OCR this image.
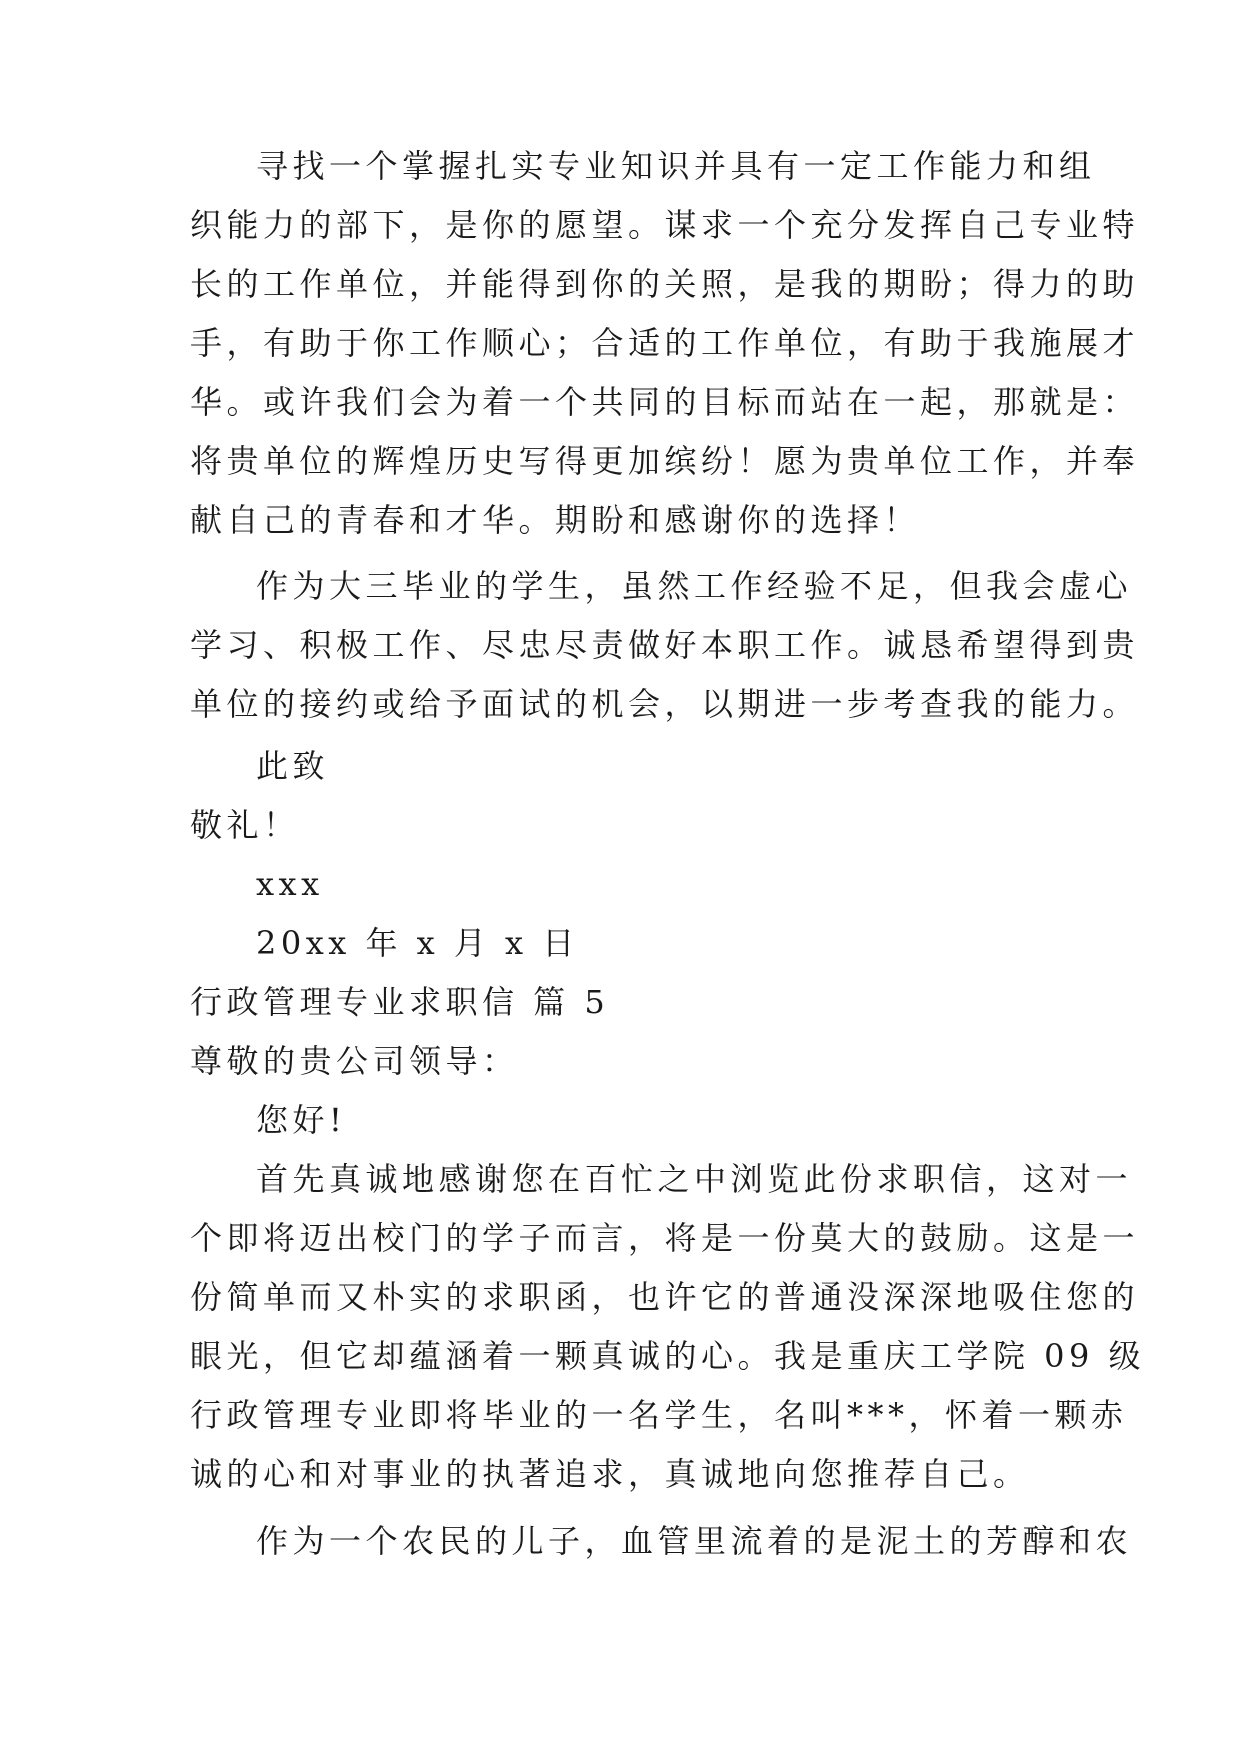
寻找一个掌握扎实专业知识并具有一定工作能力和组
织能力的部下，是你的愿望。谋求一个充分发挥自己专业特
长的工作单位，并能得到你的关照，是我的期盼；得力的助
手，有助于你工作顺心；合适的工作单位，有助于我施展才
华。或许我们会为着一个共同的目标而站在一起，那就是：
将贵单位的辉煌历史写得更加缤纷！愿为贵单位工作，并奉
献自己的青春和才华。期盼和感谢你的选择！
作为大三毕业的学生，虽然工作经验不足，但我会虚心
学习、积极工作、尽忠尽责做好本职工作。诚恳希望得到贵
单位的接约或给予面试的机会，以期进一步考查我的能力。
此致
敬礼！
xxx
20xx 年 x 月 x 日
行政管理专业求职信 篇 5
尊敬的贵公司领导：
您好!
首先真诚地感谢您在百忙之中浏览此份求职信，这对一
个即将迈出校门的学子而言，将是一份莫大的鼓励。这是一
份简单而又朴实的求职函，也许它的普通没深深地吸住您的
眼光，但它却蕴涵着一颗真诚的心。我是重庆工学院 09 级
行政管理专业即将毕业的一名学生，名叫***，怀着一颗赤
诚的心和对事业的执著追求，真诚地向您推荐自己。
作为一个农民的儿子，血管里流着的是泥土的芳醇和农
